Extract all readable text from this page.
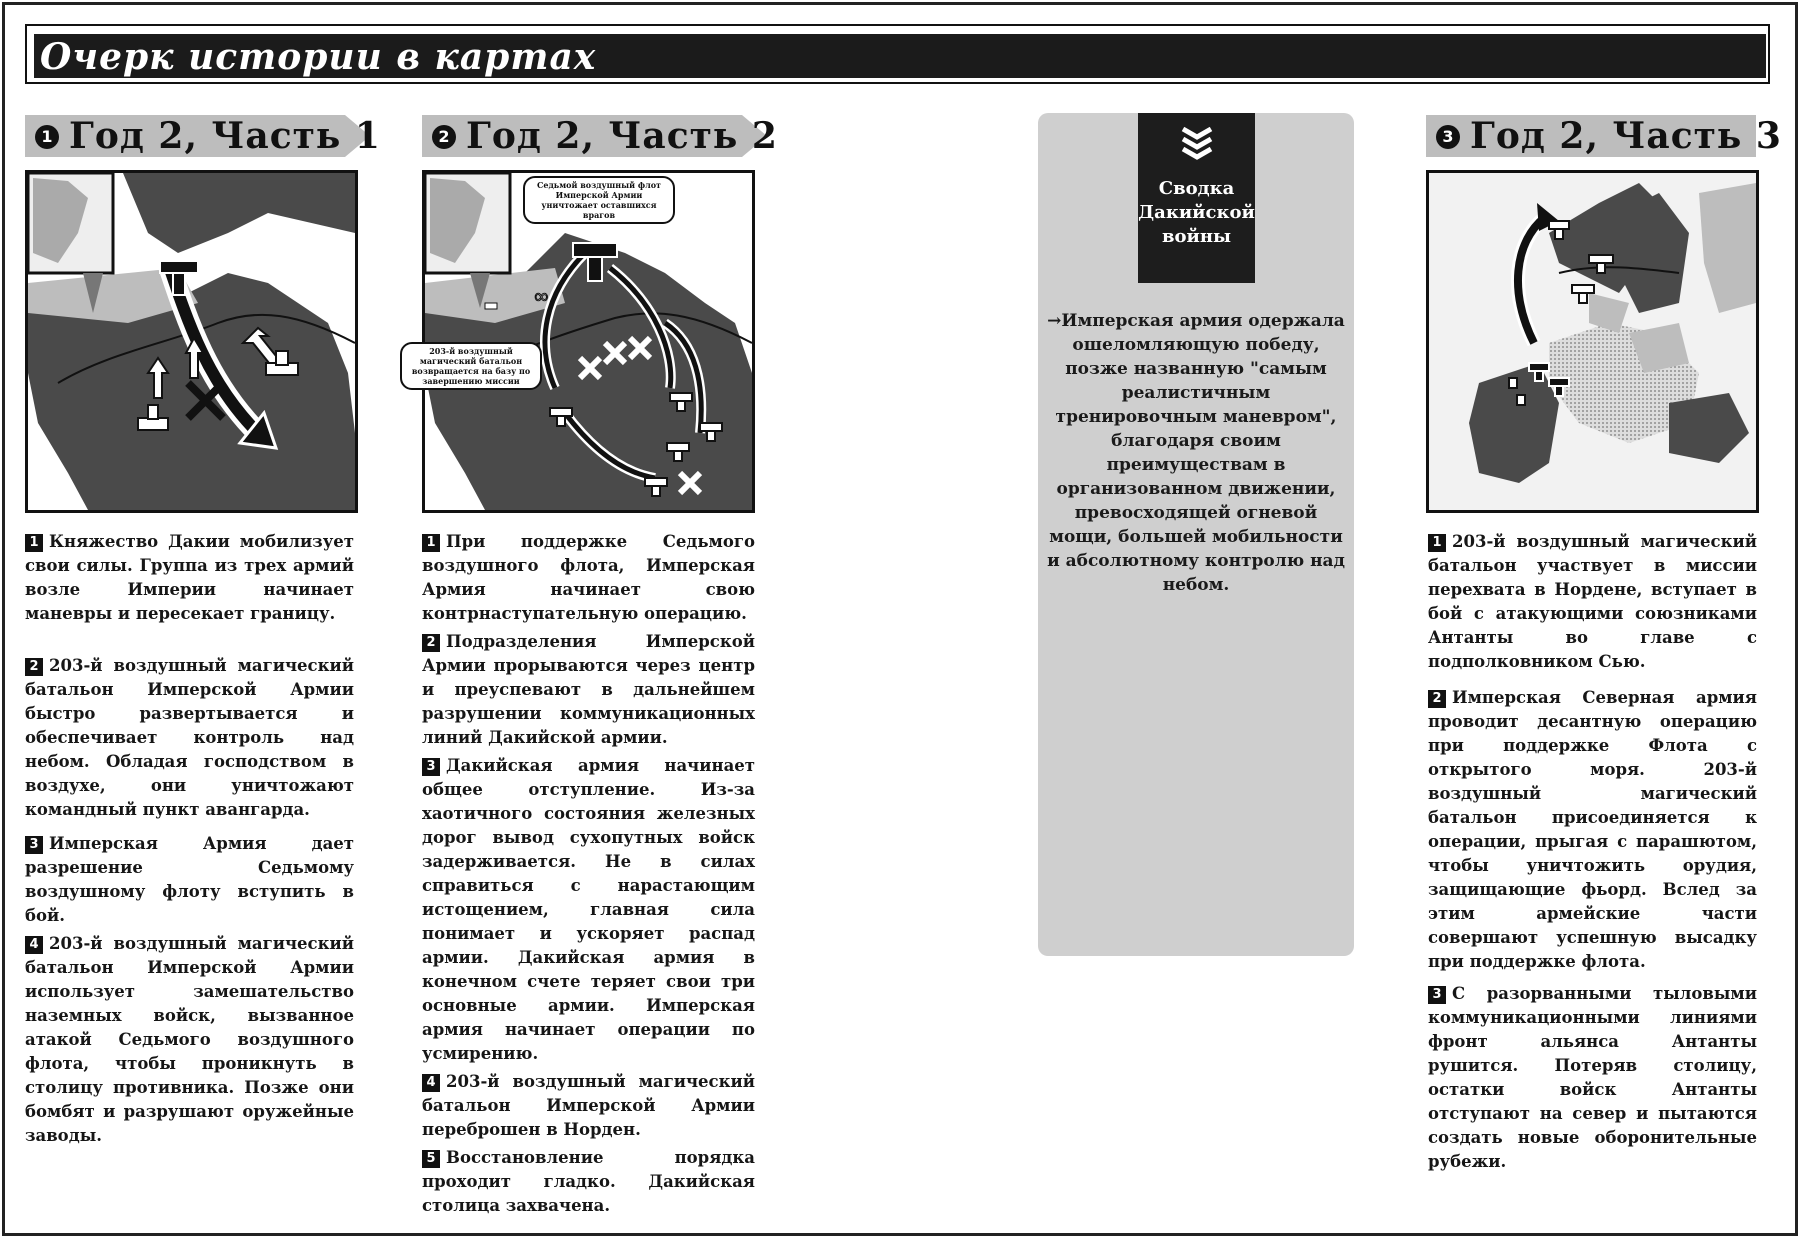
Очерк истории в картах
1 Год 2, Часть 1

1 Княжество Дакии мобилизует свои силы. Группа из трех армий возле Империи начинает маневры и пересекает границу.

2 203-й воздушный магический батальон Имперской Армии быстро развертывается и обеспечивает контроль над небом. Обладая господством в воздухе, они уничтожают командный пункт авангарда.

3 Имперская Армия дает разрешение Седьмому воздушному флоту вступить в бой.

4 203-й воздушный магический батальон Имперской Армии использует замешательство наземных войск, вызванное атакой Седьмого воздушного флота, чтобы проникнуть в столицу противника. Позже они бомбят и разрушают оружейные заводы.

2 Год 2, Часть 2
∞
Седьмой воздушный флот Имперской Армии уничтожает оставшихся врагов
203-й воздушный магический батальон возвращается на базу по завершению миссии

1 При поддержке Седьмого воздушного флота, Имперская Армия начинает свою контрнаступательную операцию.

2 Подразделения Имперской Армии прорываются через центр и преуспевают в дальнейшем разрушении коммуникационных линий Дакийской армии.

3 Дакийская армия начинает общее отступление. Из-за хаотичного состояния железных дорог вывод сухопутных войск задерживается. Не в силах справиться с нарастающим истощением, главная сила понимает и ускоряет распад армии. Дакийская армия в конечном счете теряет свои три основные армии. Имперская армия начинает операции по усмирению.

4 203-й воздушный магический батальон Имперской Армии переброшен в Норден.

5 Восстановление порядка проходит гладко. Дакийская столица захвачена.

Сводка Дакийской войны
→Имперская армия одержала ошеломляющую победу, позже названную "самым реалистичным тренировочным маневром", благодаря своим преимуществам в организованном движении, превосходящей огневой мощи, большей мобильности и абсолютному контролю над небом.
3 Год 2, Часть 3

1 203-й воздушный магический батальон участвует в миссии перехвата в Нордене, вступает в бой с атакующими союзниками Антанты во главе с подполковником Сью.

2 Имперская Северная армия проводит десантную операцию при поддержке Флота с открытого моря. 203-й воздушный магический батальон присоединяется к операции, прыгая с парашютом, чтобы уничтожить орудия, защищающие фьорд. Вслед за этим армейские части совершают успешную высадку при поддержке флота.

3 С разорванными тыловыми коммуникационными линиями фронт альянса Антанты рушится. Потеряв столицу, остатки войск Антанты отступают на север и пытаются создать новые оборонительные рубежи.
